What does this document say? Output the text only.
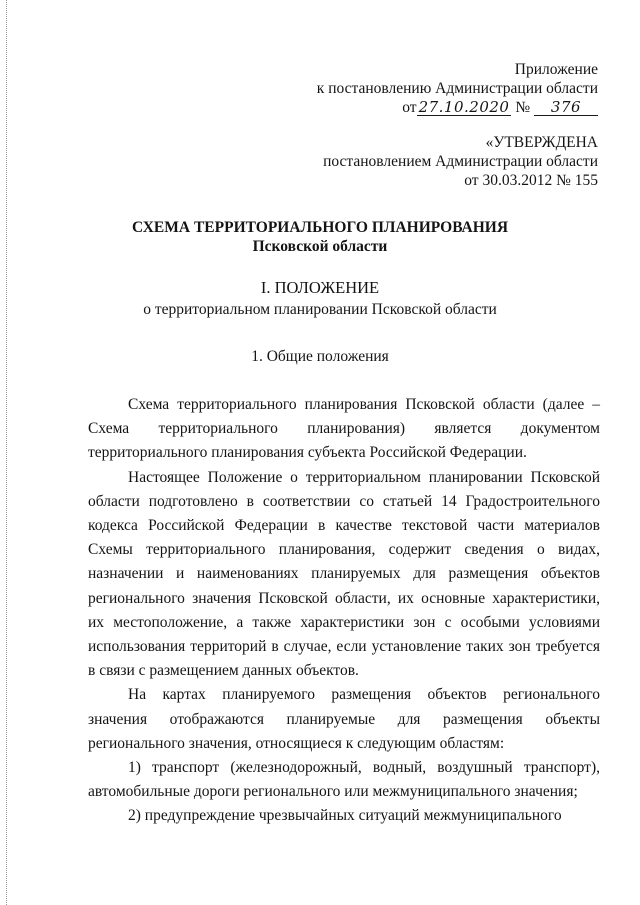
Приложение
к постановлению Администрации области
от 27.10.2020 № 376
«УТВЕРЖДЕНА
постановлением Администрации области
от 30.03.2012 № 155
СХЕМА ТЕРРИТОРИАЛЬНОГО ПЛАНИРОВАНИЯ
Псковской области
I. ПОЛОЖЕНИЕ
о территориальном планировании Псковской области
1. Общие положения

Схема территориального планирования Псковской области (далее – Схема территориального планирования) является документом территориального планирования субъекта Российской Федерации.

Настоящее Положение о территориальном планировании Псковской области подготовлено в соответствии со статьей 14 Градостроительного кодекса Российской Федерации в качестве текстовой части материалов Схемы территориального планирования, содержит сведения о видах, назначении и наименованиях планируемых для размещения объектов регионального значения Псковской области, их основные характеристики, их местоположение, а также характеристики зон с особыми условиями использования территорий в случае, если установление таких зон требуется в связи с размещением данных объектов.

На картах планируемого размещения объектов регионального значения отображаются планируемые для размещения объекты регионального значения, относящиеся к следующим областям:

1) транспорт (железнодорожный, водный, воздушный транспорт), автомобильные дороги регионального или межмуниципального значения;

2) предупреждение чрезвычайных ситуаций межмуниципального
